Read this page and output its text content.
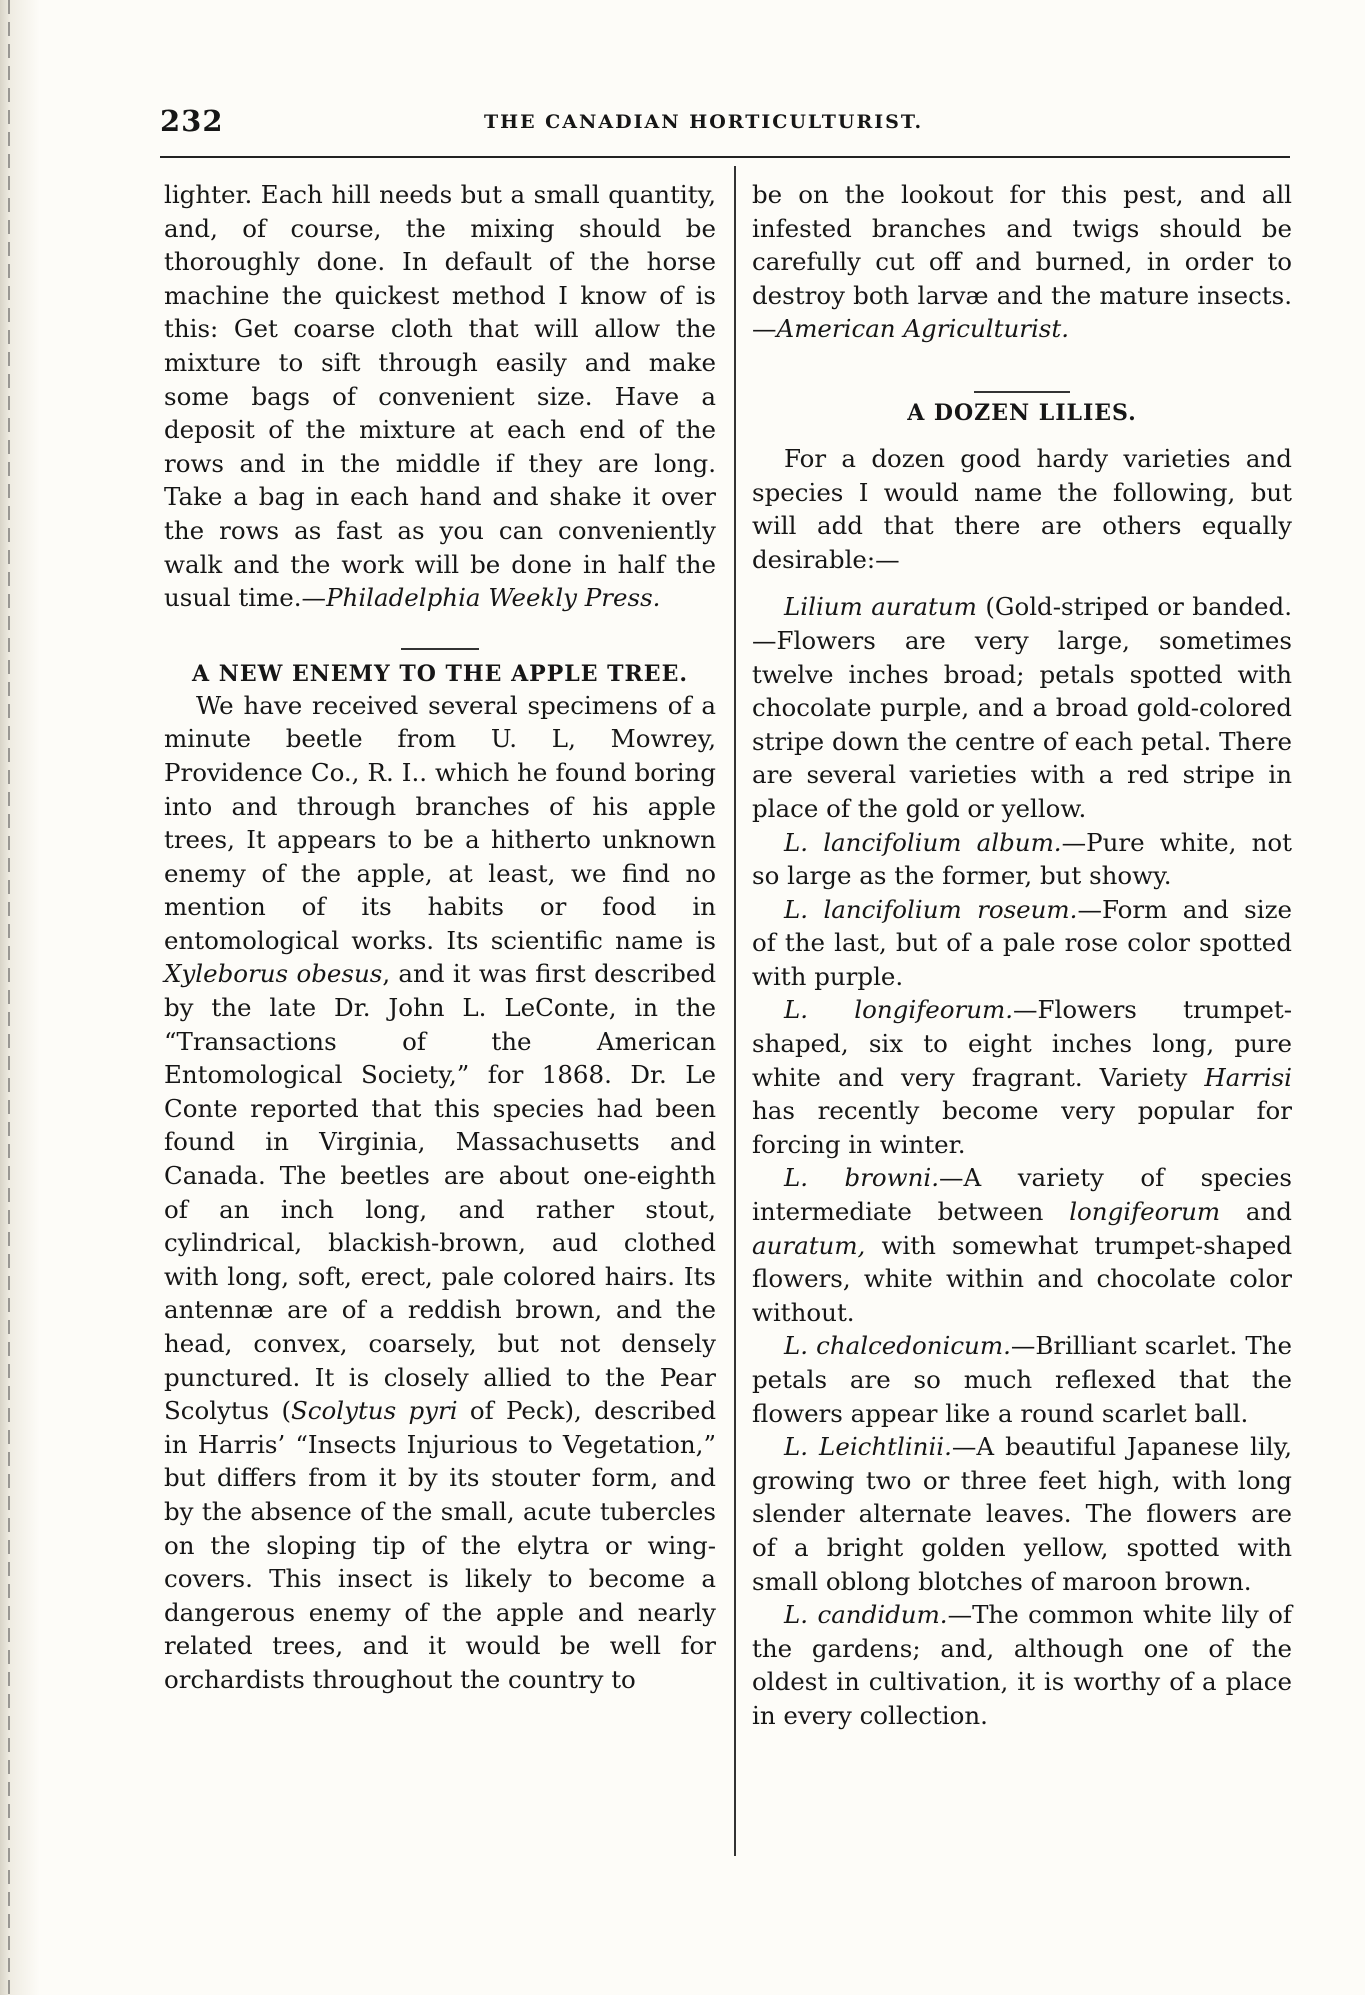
232	THE CANADIAN HORTICULTURIST.

lighter. Each hill needs but a small quantity, and, of course, the mixing should be thoroughly done. In default of the horse machine the quickest method I know of is this: Get coarse cloth that will allow the mixture to sift through easily and make some bags of convenient size. Have a deposit of the mixture at each end of the rows and in the middle if they are long. Take a bag in each hand and shake it over the rows as fast as you can conveniently walk and the work will be done in half the usual time.—Philadelphia Weekly Press.

A NEW ENEMY TO THE APPLE TREE.

We have received several specimens of a minute beetle from U. L, Mowrey, Providence Co., R. I.. which he found boring into and through branches of his apple trees, It appears to be a hitherto unknown enemy of the apple, at least, we find no mention of its habits or food in entomological works. Its scientific name is Xyleborus obesus, and it was first described by the late Dr. John L. LeConte, in the “Transactions of the American Entomological Society,” for 1868. Dr. Le Conte reported that this species had been found in Virginia, Massachusetts and Canada. The beetles are about one-eighth of an inch long, and rather stout, cylindrical, blackish-brown, aud clothed with long, soft, erect, pale colored hairs. Its antennæ are of a reddish brown, and the head, convex, coarsely, but not densely punctured. It is closely allied to the Pear Scolytus (Scolytus pyri of Peck), described in Harris’ “Insects Injurious to Vegetation,” but differs from it by its stouter form, and by the absence of the small, acute tubercles on the sloping tip of the elytra or wing-covers. This insect is likely to become a dangerous enemy of the apple and nearly related trees, and it would be well for orchardists throughout the country to

be on the lookout for this pest, and all infested branches and twigs should be carefully cut off and burned, in order to destroy both larvæ and the mature insects.—American Agriculturist.

A DOZEN LILIES.

For a dozen good hardy varieties and species I would name the following, but will add that there are others equally desirable:—

Lilium auratum (Gold-striped or banded.—Flowers are very large, sometimes twelve inches broad; petals spotted with chocolate purple, and a broad gold-colored stripe down the centre of each petal. There are several varieties with a red stripe in place of the gold or yellow.

L. lancifolium album.—Pure white, not so large as the former, but showy.

L. lancifolium roseum.—Form and size of the last, but of a pale rose color spotted with purple.

L. longifeorum.—Flowers trumpet-shaped, six to eight inches long, pure white and very fragrant. Variety Harrisi has recently become very popular for forcing in winter.

L. browni.—A variety of species intermediate between longifeorum and auratum, with somewhat trumpet-shaped flowers, white within and chocolate color without.

L. chalcedonicum.—Brilliant scarlet. The petals are so much reflexed that the flowers appear like a round scarlet ball.

L. Leichtlinii.—A beautiful Japanese lily, growing two or three feet high, with long slender alternate leaves. The flowers are of a bright golden yellow, spotted with small oblong blotches of maroon brown.

L. candidum.—The common white lily of the gardens; and, although one of the oldest in cultivation, it is worthy of a place in every collection.
